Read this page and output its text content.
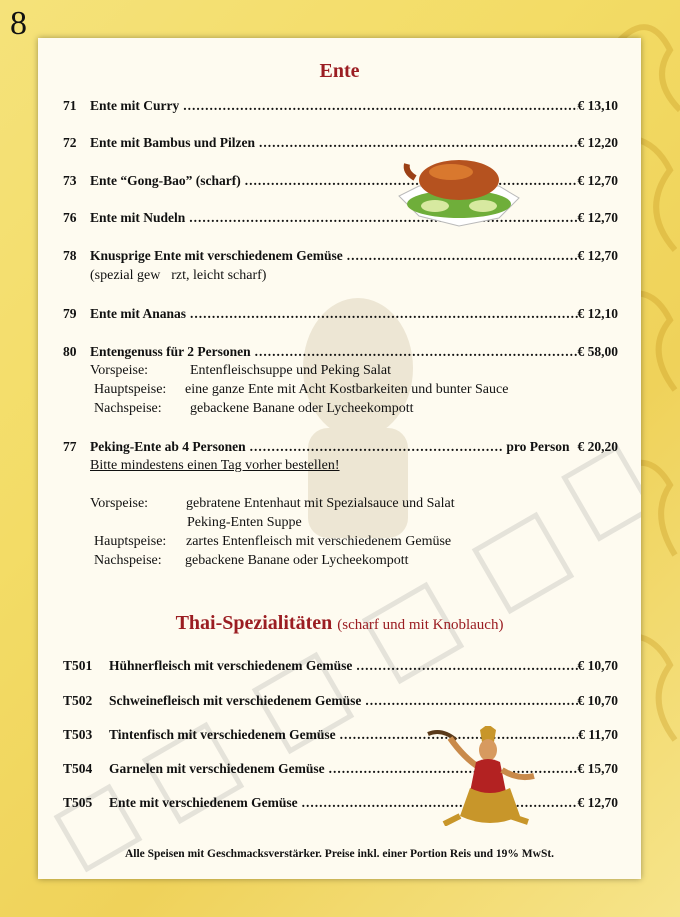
8
Ente
71	Ente mit Curry .....	€ 13,10
72	Ente mit Bambus und Pilzen .....	€ 12,20
73	Ente “Gong-Bao” (scharf) .....	€ 12,70
76	Ente mit Nudeln .....	€ 12,70
78	Knusprige Ente mit verschiedenem Gemüse .....	€ 12,70
(spezial gew rzt, leicht scharf)
79	Ente mit Ananas .....	€ 12,10
80	Entengenuss für 2 Personen .....	€ 58,00
Vorspeise:	Entenfleischsuppe und Peking Salat
Hauptspeise: eine ganze Ente mit Acht Kostbarkeiten und bunter Sauce
Nachspeise: gebackene Banane oder Lycheekompott
77	Peking-Ente ab 4 Personen .....	pro Person € 20,20
Bitte mindestens einen Tag vorher bestellen!
Vorspeise:	gebratene Entenhaut mit Spezialsauce und Salat
Peking-Enten Suppe
Hauptspeise: zartes Entenfleisch mit verschiedenem Gemüse
Nachspeise: gebackene Banane oder Lycheekompott
Thai-Spezialitäten (scharf und mit Knoblauch)
T501	Hühnerfleisch mit verschiedenem Gemüse .....	€ 10,70
T502	Schweinefleisch mit verschiedenem Gemüse .....	€ 10,70
T503	Tintenfisch mit verschiedenem Gemüse .....	€ 11,70
T504	Garnelen mit verschiedenem Gemüse .....	€ 15,70
T505	Ente mit verschiedenem Gemüse .....	€ 12,70
Alle Speisen mit Geschmacksverstärker. Preise inkl. einer Portion Reis und 19% MwSt.
